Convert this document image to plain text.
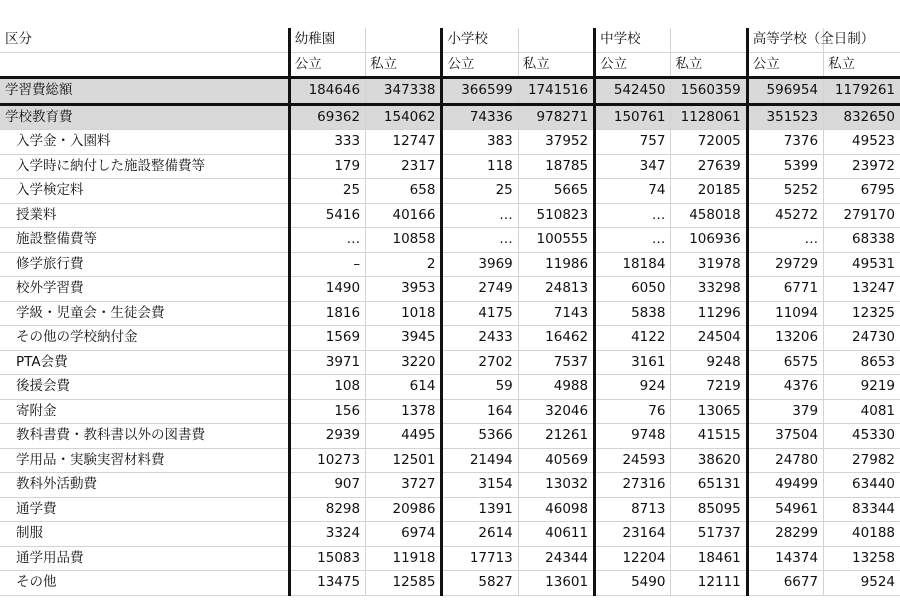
区分	幼稚園		小学校		中学校		高等学校（全日制）	
	公立	私立	公立	私立	公立	私立	公立	私立
学習費総額	184646	347338	366599	1741516	542450	1560359	596954	1179261
学校教育費	69362	154062	74336	978271	150761	1128061	351523	832650
入学金・入園料	333	12747	383	37952	757	72005	7376	49523
入学時に納付した施設整備費等	179	2317	118	18785	347	27639	5399	23972
入学検定料	25	658	25	5665	74	20185	5252	6795
授業料	5416	40166	…	510823	…	458018	45272	279170
施設整備費等	…	10858	…	100555	…	106936	…	68338
修学旅行費	–	2	3969	11986	18184	31978	29729	49531
校外学習費	1490	3953	2749	24813	6050	33298	6771	13247
学級・児童会・生徒会費	1816	1018	4175	7143	5838	11296	11094	12325
その他の学校納付金	1569	3945	2433	16462	4122	24504	13206	24730
PTA会費	3971	3220	2702	7537	3161	9248	6575	8653
後援会費	108	614	59	4988	924	7219	4376	9219
寄附金	156	1378	164	32046	76	13065	379	4081
教科書費・教科書以外の図書費	2939	4495	5366	21261	9748	41515	37504	45330
学用品・実験実習材料費	10273	12501	21494	40569	24593	38620	24780	27982
教科外活動費	907	3727	3154	13032	27316	65131	49499	63440
通学費	8298	20986	1391	46098	8713	85095	54961	83344
制服	3324	6974	2614	40611	23164	51737	28299	40188
通学用品費	15083	11918	17713	24344	12204	18461	14374	13258
その他	13475	12585	5827	13601	5490	12111	6677	9524
